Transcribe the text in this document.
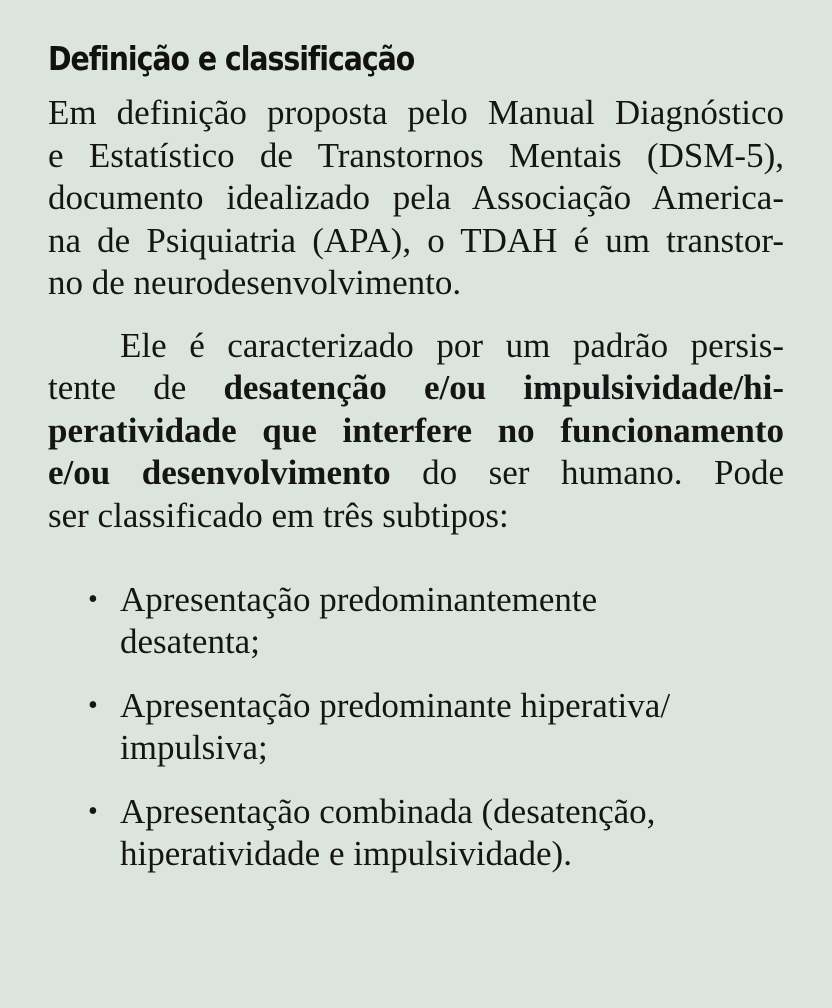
Definição e classificação

Em definição proposta pelo Manual Diagnóstico
e Estatístico de Transtornos Mentais (DSM-5),
documento idealizado pela Associação America-
na de Psiquiatria (APA), o TDAH é um transtor-
no de neurodesenvolvimento.

Ele é caracterizado por um padrão persis-
tente de desatenção e/ou impulsividade/hi-
peratividade que interfere no funcionamento
e/ou desenvolvimento do ser humano. Pode
ser classificado em três subtipos:

• Apresentação predominantemente
desatenta;
• Apresentação predominante hiperativa/
impulsiva;
• Apresentação combinada (desatenção,
hiperatividade e impulsividade).
